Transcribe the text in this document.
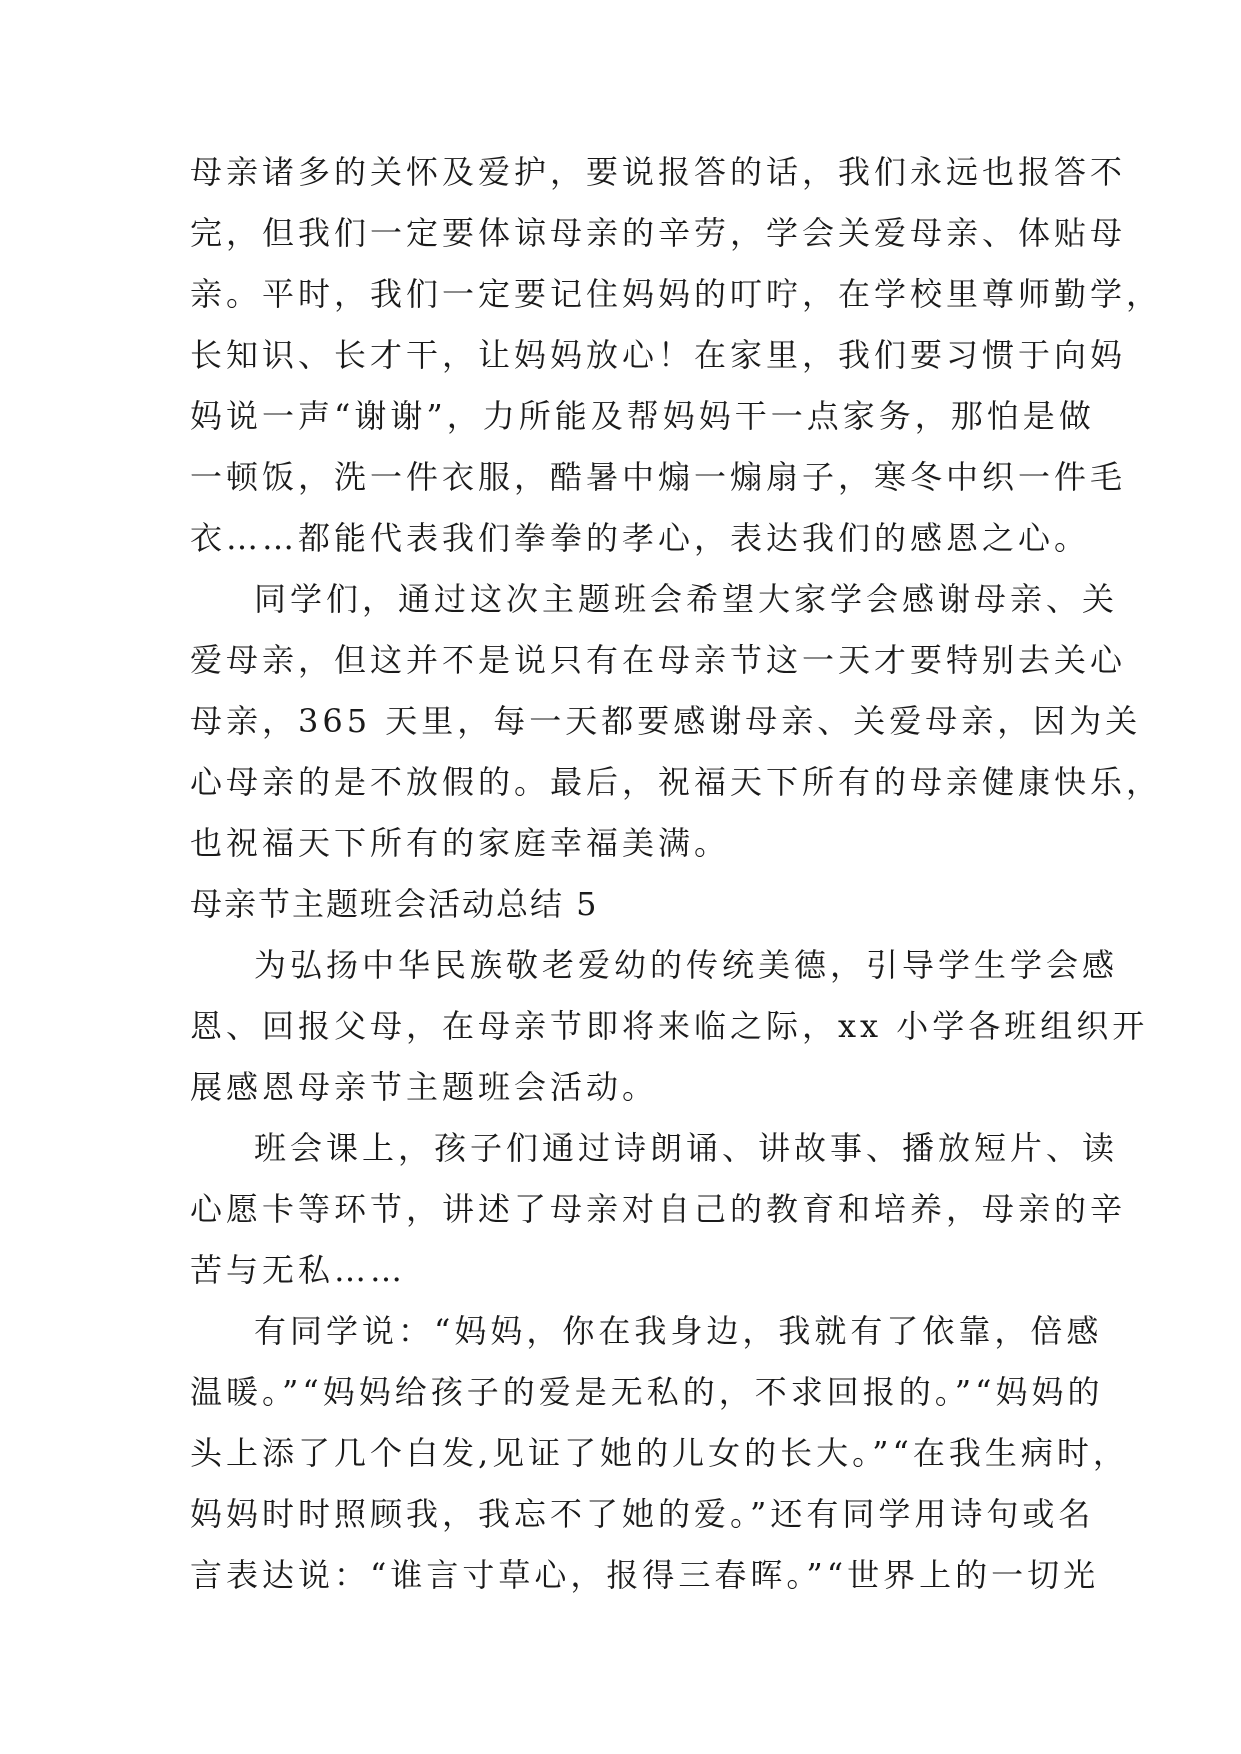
母亲诸多的关怀及爱护，要说报答的话，我们永远也报答不
完，但我们一定要体谅母亲的辛劳，学会关爱母亲、体贴母
亲。平时，我们一定要记住妈妈的叮咛，在学校里尊师勤学，
长知识、长才干，让妈妈放心！在家里，我们要习惯于向妈
妈说一声“谢谢”，力所能及帮妈妈干一点家务，那怕是做
一顿饭，洗一件衣服，酷暑中煽一煽扇子，寒冬中织一件毛
衣……都能代表我们拳拳的孝心，表达我们的感恩之心。
同学们，通过这次主题班会希望大家学会感谢母亲、关
爱母亲，但这并不是说只有在母亲节这一天才要特别去关心
母亲，365 天里，每一天都要感谢母亲、关爱母亲，因为关
心母亲的是不放假的。最后，祝福天下所有的母亲健康快乐，
也祝福天下所有的家庭幸福美满。
母亲节主题班会活动总结 5
为弘扬中华民族敬老爱幼的传统美德，引导学生学会感
恩、回报父母，在母亲节即将来临之际，xx 小学各班组织开
展感恩母亲节主题班会活动。
班会课上，孩子们通过诗朗诵、讲故事、播放短片、读
心愿卡等环节，讲述了母亲对自己的教育和培养，母亲的辛
苦与无私……
有同学说：“妈妈，你在我身边，我就有了依靠，倍感
温暖。”“妈妈给孩子的爱是无私的，不求回报的。”“妈妈的
头上添了几个白发,见证了她的儿女的长大。”“在我生病时，
妈妈时时照顾我，我忘不了她的爱。”还有同学用诗句或名
言表达说：“谁言寸草心，报得三春晖。”“世界上的一切光
